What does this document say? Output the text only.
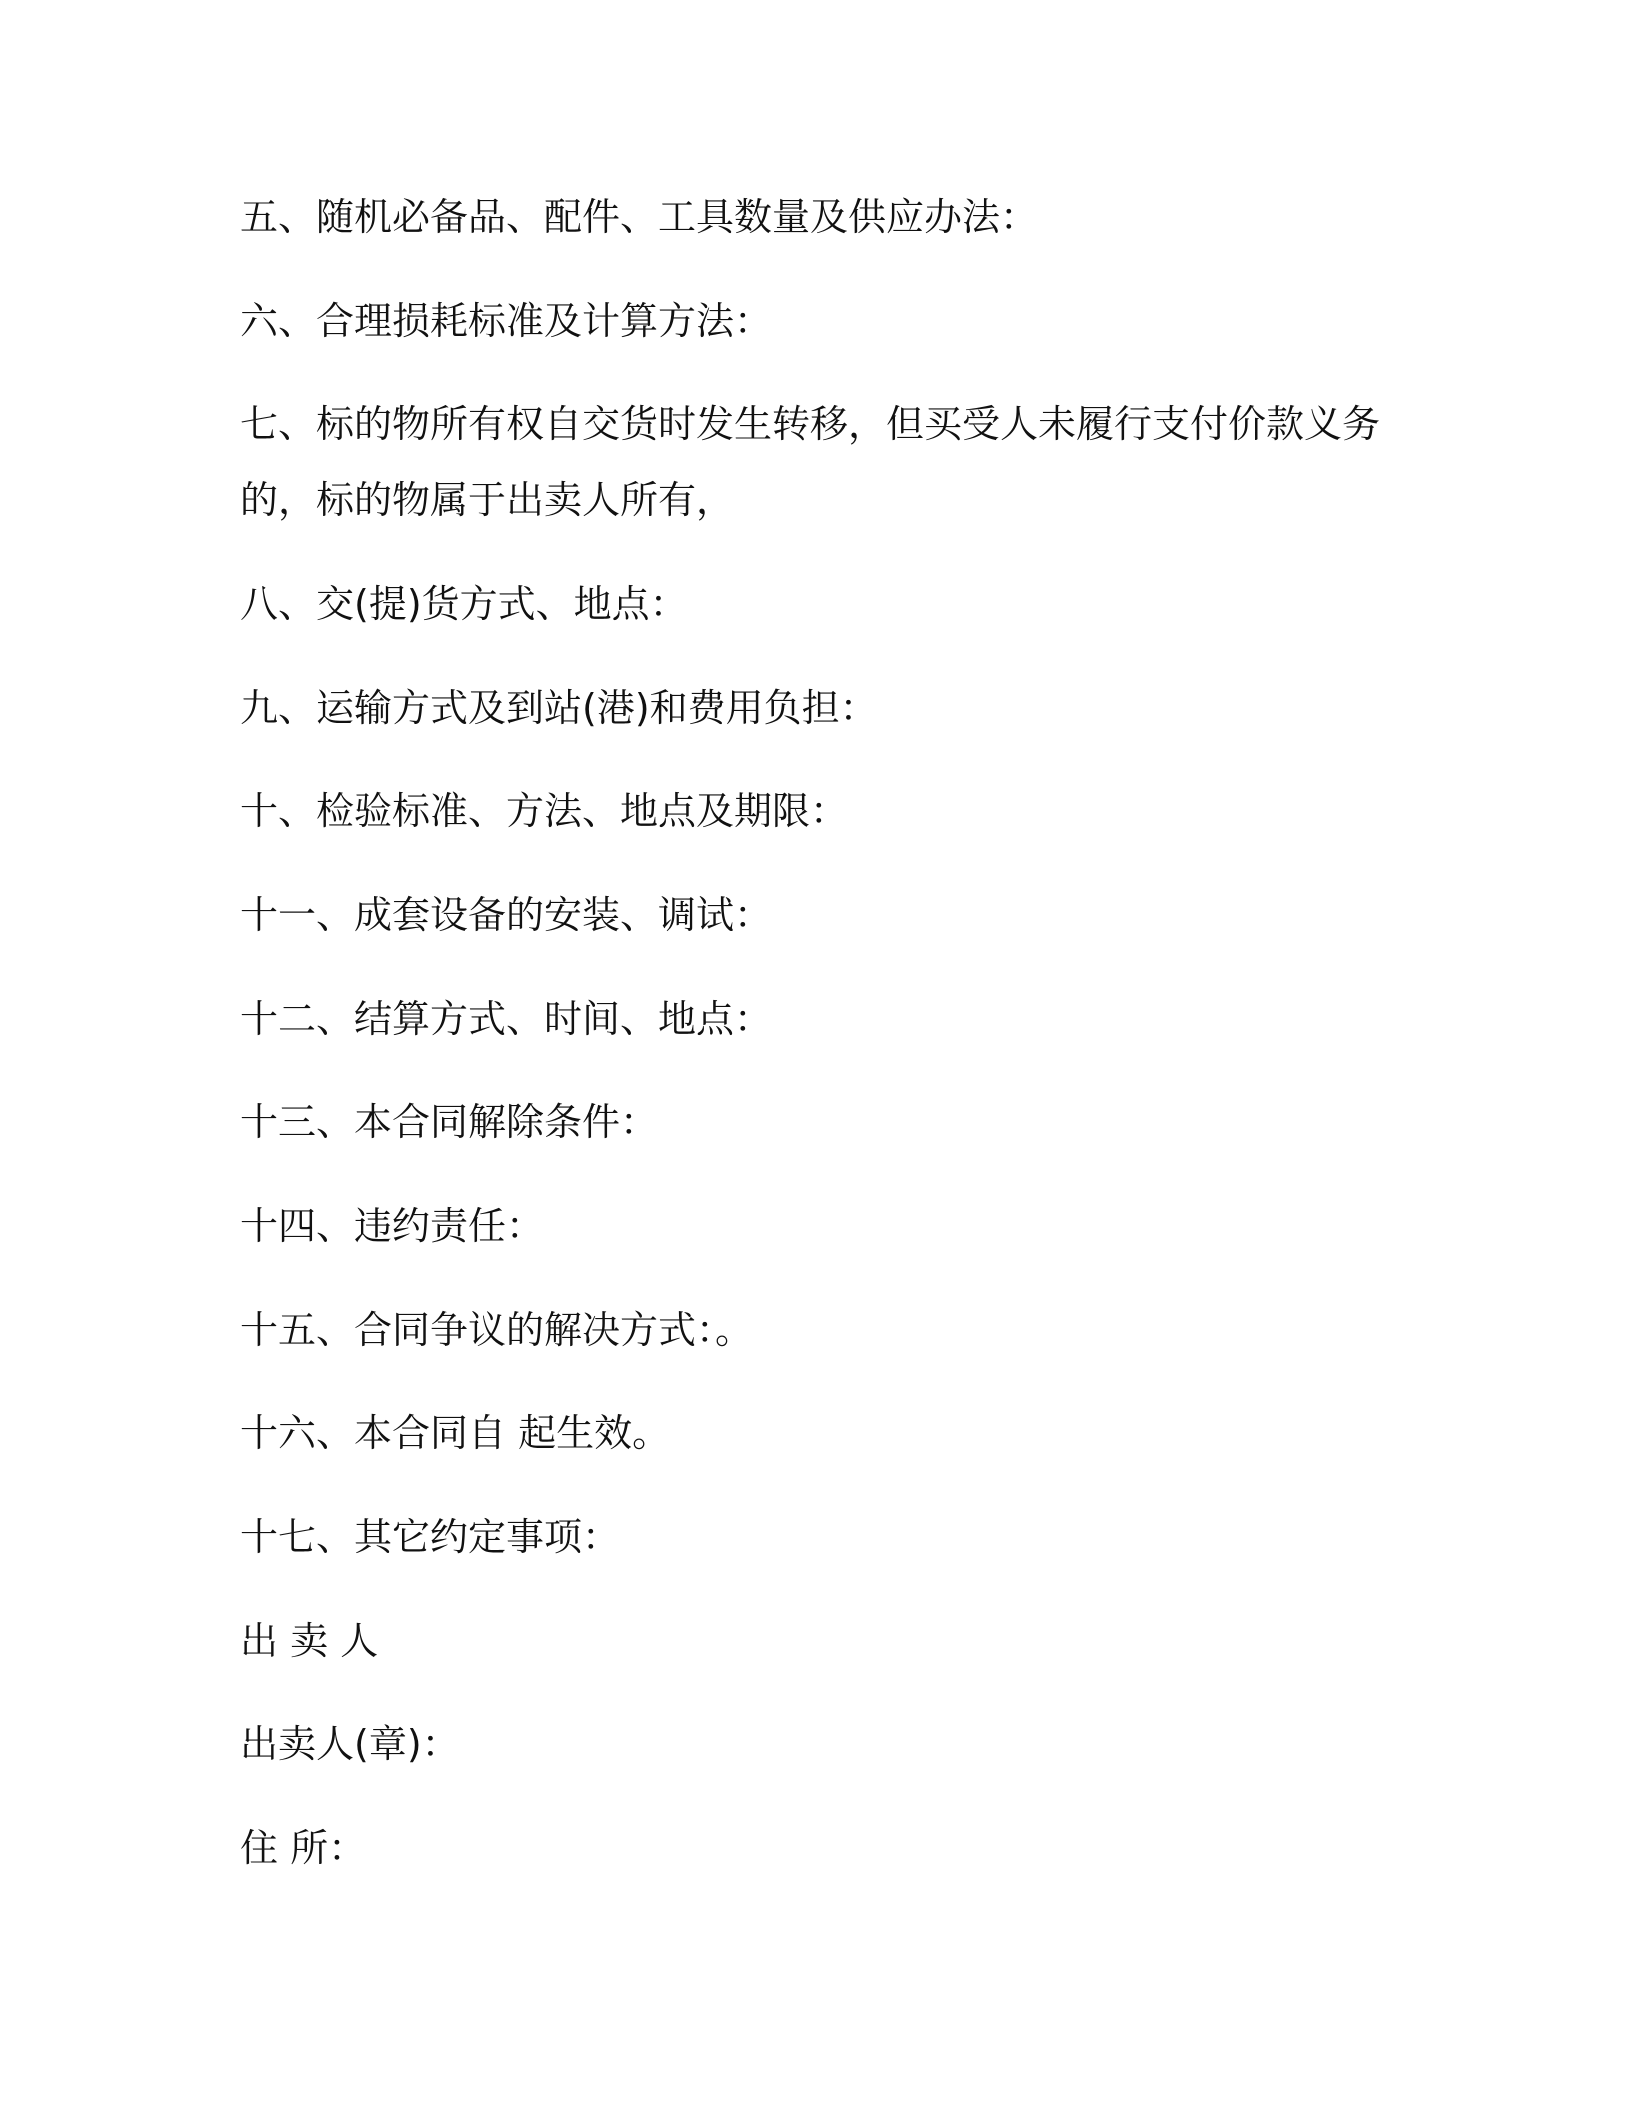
五、随机必备品、配件、工具数量及供应办法：
六、合理损耗标准及计算方法：
七、标的物所有权自交货时发生转移，但买受人未履行支付价款义务
的，标的物属于出卖人所有，
八、交(提)货方式、地点：
九、运输方式及到站(港)和费用负担：
十、检验标准、方法、地点及期限：
十一、成套设备的安装、调试：
十二、结算方式、时间、地点：
十三、本合同解除条件：
十四、违约责任：
十五、合同争议的解决方式：。
十六、本合同自 起生效。
十七、其它约定事项：
出 卖 人
出卖人(章)：
住 所：
